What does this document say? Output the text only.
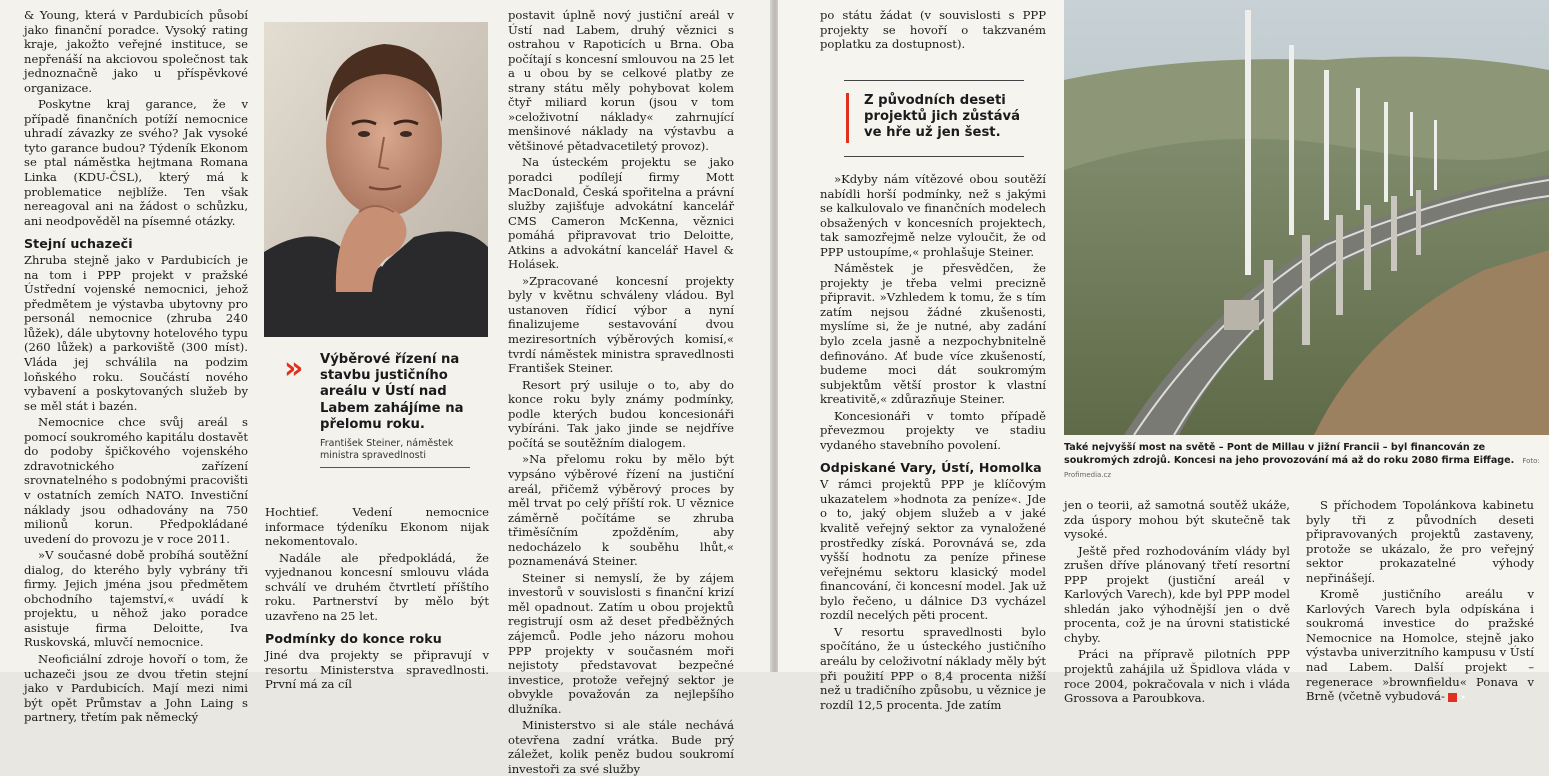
& Young, která v Pardubicích působí jako finanční poradce. Vysoký rating kraje, jakožto veřejné instituce, se nepřenáší na akciovou společnost tak jednoznačně jako u příspěvkové organizace.

Poskytne kraj garance, že v případě finančních potíží nemocnice uhradí závazky ze svého? Jak vysoké tyto garance budou? Týdeník Ekonom se ptal náměstka hejtmana Romana Linka (KDU-ČSL), který má k problematice nejblíže. Ten však nereagoval ani na žádost o schůzku, ani neodpověděl na písemné otázky.

Stejní uchazeči

Zhruba stejně jako v Pardubicích je na tom i PPP projekt v pražské Ústřední vojenské nemocnici, jehož předmětem je výstavba ubytovny pro personál nemocnice (zhruba 240 lůžek), dále ubytovny hotelového typu (260 lůžek) a parkoviště (300 míst). Vláda jej schválila na podzim loňského roku. Součástí nového vybavení a poskytovaných služeb by se měl stát i bazén.

Nemocnice chce svůj areál s pomocí soukromého kapitálu dostavět do podoby špičkového vojenského zdravotnického zařízení srovnatelného s podobnými pracovišti v ostatních zemích NATO. Investiční náklady jsou odhadovány na 750 milionů korun. Předpokládané uvedení do provozu je v roce 2011.

»V současné době probíhá soutěžní dialog, do kterého byly vybrány tři firmy. Jejich jména jsou předmětem obchodního tajemství,« uvádí k projektu, u něhož jako poradce asistuje firma Deloitte, Iva Ruskovská, mluvčí nemocnice.

Neoficiální zdroje hovoří o tom, že uchazeči jsou ze dvou třetin stejní jako v Pardubicích. Mají mezi nimi být opět Průmstav a John Laing s partnery, třetím pak německý

» Výběrové řízení na stavbu justičního areálu v Ústí nad Labem zahájíme na přelomu roku.
František Steiner, náměstek ministra spravedlnosti

Hochtief. Vedení nemocnice informace týdeníku Ekonom nijak nekomentovalo.

Nadále ale předpokládá, že vyjednanou koncesní smlouvu vláda schválí ve druhém čtvrtletí příštího roku. Partnerství by mělo být uzavřeno na 25 let.

Podmínky do konce roku

Jiné dva projekty se připravují v resortu Ministerstva spravedlnosti. První má za cíl

postavit úplně nový justiční areál v Ústí nad Labem, druhý věznici s ostrahou v Rapoticích u Brna. Oba počítají s koncesní smlouvou na 25 let a u obou by se celkové platby ze strany státu měly pohybovat kolem čtyř miliard korun (jsou v tom »celoživotní náklady« zahrnující menšinové náklady na výstavbu a většinové pětadvacetiletý provoz).

Na ústeckém projektu se jako poradci podílejí firmy Mott MacDonald, Česká spořitelna a právní služby zajišťuje advokátní kancelář CMS Cameron McKenna, věznici pomáhá připravovat trio Deloitte, Atkins a advokátní kancelář Havel & Holásek.

»Zpracované koncesní projekty byly v květnu schváleny vládou. Byl ustanoven řídicí výbor a nyní finalizujeme sestavování dvou meziresortních výběrových komisí,« tvrdí náměstek ministra spravedlnosti František Steiner.

Resort prý usiluje o to, aby do konce roku byly známy podmínky, podle kterých budou koncesionáři vybíráni. Tak jako jinde se nejdříve počítá se soutěžním dialogem.

»Na přelomu roku by mělo být vypsáno výběrové řízení na justiční areál, přičemž výběrový proces by měl trvat po celý příští rok. U věznice záměrně počítáme se zhruba třiměsíčním zpožděním, aby nedocházelo k souběhu lhůt,« poznamenává Steiner.

Steiner si nemyslí, že by zájem investorů v souvislosti s finanční krizí měl opadnout. Zatím u obou projektů registrují osm až deset předběžných zájemců. Podle jeho názoru mohou PPP projekty v současném moři nejistoty představovat bezpečné investice, protože veřejný sektor je obvykle považován za nejlepšího dlužníka.

Ministerstvo si ale stále nechává otevřena zadní vrátka. Bude prý záležet, kolik peněz budou soukromí investoři za své služby

po státu žádat (v souvislosti s PPP projekty se hovoří o takzvaném poplatku za dostupnost).

Z původních deseti projektů jich zůstává ve hře už jen šest.

»Kdyby nám vítězové obou soutěží nabídli horší podmínky, než s jakými se kalkulovalo ve finančních modelech obsažených v koncesních projektech, tak samozřejmě nelze vyloučit, že od PPP ustoupíme,« prohlašuje Steiner.

Náměstek je přesvědčen, že projekty je třeba velmi precizně připravit. »Vzhledem k tomu, že s tím zatím nejsou žádné zkušenosti, myslíme si, že je nutné, aby zadání bylo zcela jasně a nezpochybnitelně definováno. Ať bude více zkušeností, budeme moci dát soukromým subjektům větší prostor k vlastní kreativitě,« zdůrazňuje Steiner.

Koncesionáři v tomto případě převezmou projekty ve stadiu vydaného stavebního povolení.

Odpiskané Vary, Ústí, Homolka

V rámci projektů PPP je klíčovým ukazatelem »hodnota za peníze«. Jde o to, jaký objem služeb a v jaké kvalitě veřejný sektor za vynaložené prostředky získá. Porovnává se, zda vyšší hodnotu za peníze přinese veřejnému sektoru klasický model financování, či koncesní model. Jak už bylo řečeno, u dálnice D3 vycházel rozdíl necelých pěti procent.

V resortu spravedlnosti bylo spočítáno, že u ústeckého justičního areálu by celoživotní náklady měly být při použití PPP o 8,4 procenta nižší než u tradičního způsobu, u věznice je rozdíl 12,5 procenta. Jde zatím

Také nejvyšší most na světě – Pont de Millau v jižní Francii – byl financován ze soukromých zdrojů. Koncesi na jeho provozování má až do roku 2080 firma Eiffage. Foto: Profimedia.cz

jen o teorii, až samotná soutěž ukáže, zda úspory mohou být skutečně tak vysoké.

Ještě před rozhodováním vlády byl zrušen dříve plánovaný třetí resortní PPP projekt (justiční areál v Karlových Varech), kde byl PPP model shledán jako výhodnější jen o dvě procenta, což je na úrovni statistické chyby.

Práci na přípravě pilotních PPP projektů zahájila už Špidlova vláda v roce 2004, pokračovala v nich i vláda Grossova a Paroubkova.

S příchodem Topolánkova kabinetu byly tři z původních deseti připravovaných projektů zastaveny, protože se ukázalo, že pro veřejný sektor prokazatelné výhody nepřinášejí.

Kromě justičního areálu v Karlových Varech byla odpískána i soukromá investice do pražské Nemocnice na Homolce, stejně jako výstavba univerzitního kampusu v Ústí nad Labem. Další projekt – regenerace »brownfieldu« Ponava v Brně (včetně vybudová- ▸
